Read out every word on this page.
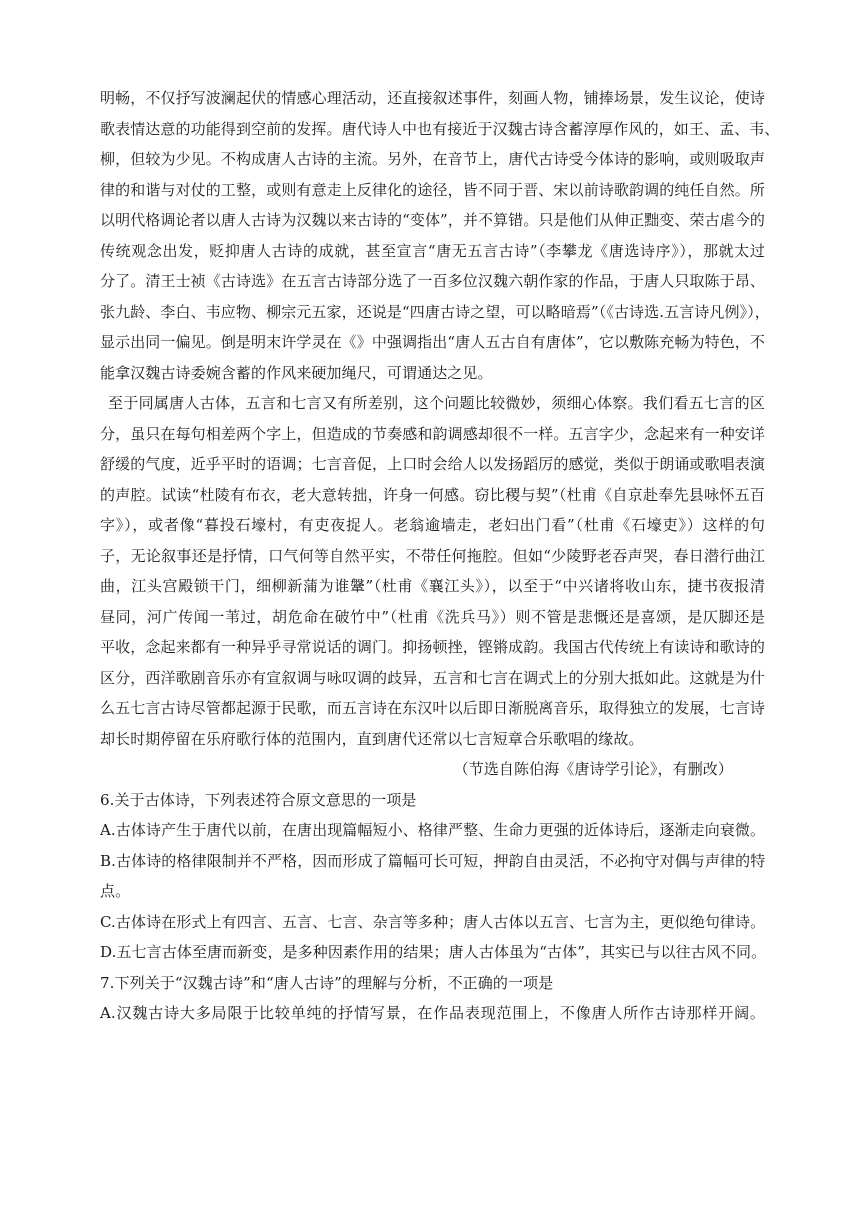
明畅，不仅抒写波澜起伏的情感心理活动，还直接叙述事件，刻画人物，铺捧场景，发生议论，使诗
歌表情达意的功能得到空前的发挥。唐代诗人中也有接近于汉魏古诗含蓄淳厚作风的，如王、孟、韦、
柳，但较为少见。不构成唐人古诗的主流。另外，在音节上，唐代古诗受今体诗的影响，或则吸取声
律的和谐与对仗的工整，或则有意走上反律化的途径，皆不同于晋、宋以前诗歌韵调的纯任自然。所
以明代格调论者以唐人古诗为汉魏以来古诗的“变体”，并不算错。只是他们从伸正黜变、荣古虐今的
传统观念出发，贬抑唐人古诗的成就，甚至宣言“唐无五言古诗”（李攀龙《唐选诗序》），那就太过
分了。清王士祯《古诗选》在五言古诗部分选了一百多位汉魏六朝作家的作品，于唐人只取陈于昂、
张九龄、李白、韦应物、柳宗元五家，还说是“四唐古诗之望，可以略暗焉”（《古诗选.五言诗凡例》），
显示出同一偏见。倒是明末许学灵在《》中强调指出“唐人五古自有唐体”，它以敷陈充畅为特色，不
能拿汉魏古诗委婉含蓄的作风来硬加绳尺，可谓通达之见。
至于同属唐人古体，五言和七言又有所差别，这个问题比较微妙，须细心体察。我们看五七言的区
分，虽只在每句相差两个字上，但造成的节奏感和韵调感却很不一样。五言字少，念起来有一种安详
舒缓的气度，近乎平时的语调；七言音促，上口时会给人以发扬蹈厉的感觉，类似于朗诵或歌唱表演
的声腔。试读“杜陵有布衣，老大意转拙，许身一何感。窃比稷与契”（杜甫《自京赴奉先县咏怀五百
字》），或者像“暮投石壕村，有吏夜捉人。老翁逾墙走，老妇出门看”（杜甫《石壕吏》）这样的句
子，无论叙事还是抒情，口气何等自然平实，不带任何拖腔。但如“少陵野老吞声哭，春日潜行曲江
曲，江头宫殿锁干门，细柳新蒲为谁鞶”（杜甫《襄江头》），以至于“中兴诸将收山东，捷书夜报清
昼同，河广传闻一苇过，胡危命在破竹中”（杜甫《洗兵马》）则不管是悲慨还是喜颂，是仄脚还是
平收，念起来都有一种异乎寻常说话的调门。抑扬顿挫，铿锵成韵。我国古代传统上有读诗和歌诗的
区分，西洋歌剧音乐亦有宣叙调与咏叹调的歧异，五言和七言在调式上的分别大抵如此。这就是为什
么五七言古诗尽管都起源于民歌，而五言诗在东汉叶以后即日渐脱离音乐，取得独立的发展，七言诗
却长时期停留在乐府歌行体的范围内，直到唐代还常以七言短章合乐歌唱的缘故。
（节选自陈伯海《唐诗学引论》，有删改）
6.关于古体诗，下列表述符合原文意思的一项是
A.古体诗产生于唐代以前，在唐出现篇幅短小、格律严整、生命力更强的近体诗后，逐渐走向衰微。
B.古体诗的格律限制并不严格，因而形成了篇幅可长可短，押韵自由灵活，不必拘守对偶与声律的特
点。
C.古体诗在形式上有四言、五言、七言、杂言等多种；唐人古体以五言、七言为主，更似绝句律诗。
D.五七言古体至唐而新变，是多种因素作用的结果；唐人古体虽为“古体”，其实已与以往古风不同。
7.下列关于“汉魏古诗”和“唐人古诗”的理解与分析，不正确的一项是
A.汉魏古诗大多局限于比较单纯的抒情写景，在作品表现范围上，不像唐人所作古诗那样开阔。
